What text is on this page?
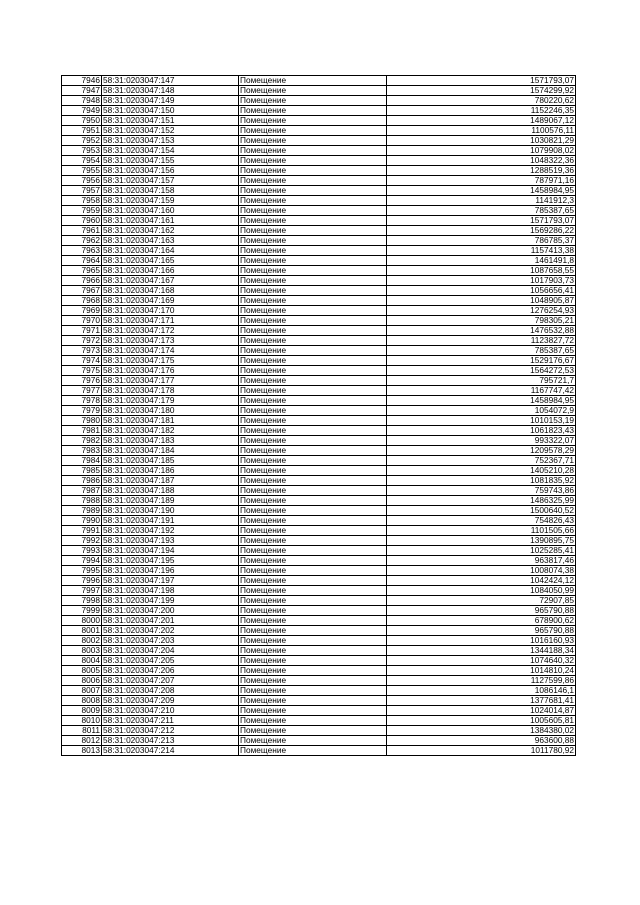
7946	58:31:0203047:147	Помещение	1571793,07
7947	58:31:0203047:148	Помещение	1574299,92
7948	58:31:0203047:149	Помещение	780220,62
7949	58:31:0203047:150	Помещение	1152246,35
7950	58:31:0203047:151	Помещение	1489067,12
7951	58:31:0203047:152	Помещение	1100576,11
7952	58:31:0203047:153	Помещение	1030821,29
7953	58:31:0203047:154	Помещение	1079908,02
7954	58:31:0203047:155	Помещение	1048322,36
7955	58:31:0203047:156	Помещение	1288519,36
7956	58:31:0203047:157	Помещение	787971,16
7957	58:31:0203047:158	Помещение	1458984,95
7958	58:31:0203047:159	Помещение	1141912,3
7959	58:31:0203047:160	Помещение	785387,65
7960	58:31:0203047:161	Помещение	1571793,07
7961	58:31:0203047:162	Помещение	1569286,22
7962	58:31:0203047:163	Помещение	786785,37
7963	58:31:0203047:164	Помещение	1157413,38
7964	58:31:0203047:165	Помещение	1461491,8
7965	58:31:0203047:166	Помещение	1087658,55
7966	58:31:0203047:167	Помещение	1017903,73
7967	58:31:0203047:168	Помещение	1056656,41
7968	58:31:0203047:169	Помещение	1048905,87
7969	58:31:0203047:170	Помещение	1276254,93
7970	58:31:0203047:171	Помещение	798305,21
7971	58:31:0203047:172	Помещение	1476532,88
7972	58:31:0203047:173	Помещение	1123827,72
7973	58:31:0203047:174	Помещение	785387,65
7974	58:31:0203047:175	Помещение	1529176,67
7975	58:31:0203047:176	Помещение	1564272,53
7976	58:31:0203047:177	Помещение	795721,7
7977	58:31:0203047:178	Помещение	1167747,42
7978	58:31:0203047:179	Помещение	1458984,95
7979	58:31:0203047:180	Помещение	1054072,9
7980	58:31:0203047:181	Помещение	1010153,19
7981	58:31:0203047:182	Помещение	1061823,43
7982	58:31:0203047:183	Помещение	993322,07
7983	58:31:0203047:184	Помещение	1209578,29
7984	58:31:0203047:185	Помещение	752367,71
7985	58:31:0203047:186	Помещение	1405210,28
7986	58:31:0203047:187	Помещение	1081835,92
7987	58:31:0203047:188	Помещение	759743,86
7988	58:31:0203047:189	Помещение	1486325,99
7989	58:31:0203047:190	Помещение	1500640,52
7990	58:31:0203047:191	Помещение	754826,43
7991	58:31:0203047:192	Помещение	1101505,66
7992	58:31:0203047:193	Помещение	1390895,75
7993	58:31:0203047:194	Помещение	1025285,41
7994	58:31:0203047:195	Помещение	963817,46
7995	58:31:0203047:196	Помещение	1008074,38
7996	58:31:0203047:197	Помещение	1042424,12
7997	58:31:0203047:198	Помещение	1084050,99
7998	58:31:0203047:199	Помещение	72907,85
7999	58:31:0203047:200	Помещение	965790,88
8000	58:31:0203047:201	Помещение	678900,62
8001	58:31:0203047:202	Помещение	965790,88
8002	58:31:0203047:203	Помещение	1016160,93
8003	58:31:0203047:204	Помещение	1344188,34
8004	58:31:0203047:205	Помещение	1074640,32
8005	58:31:0203047:206	Помещение	1014810,24
8006	58:31:0203047:207	Помещение	1127599,86
8007	58:31:0203047:208	Помещение	1086146,1
8008	58:31:0203047:209	Помещение	1377681,41
8009	58:31:0203047:210	Помещение	1024014,87
8010	58:31:0203047:211	Помещение	1005605,81
8011	58:31:0203047:212	Помещение	1384380,02
8012	58:31:0203047:213	Помещение	963600,88
8013	58:31:0203047:214	Помещение	1011780,92
